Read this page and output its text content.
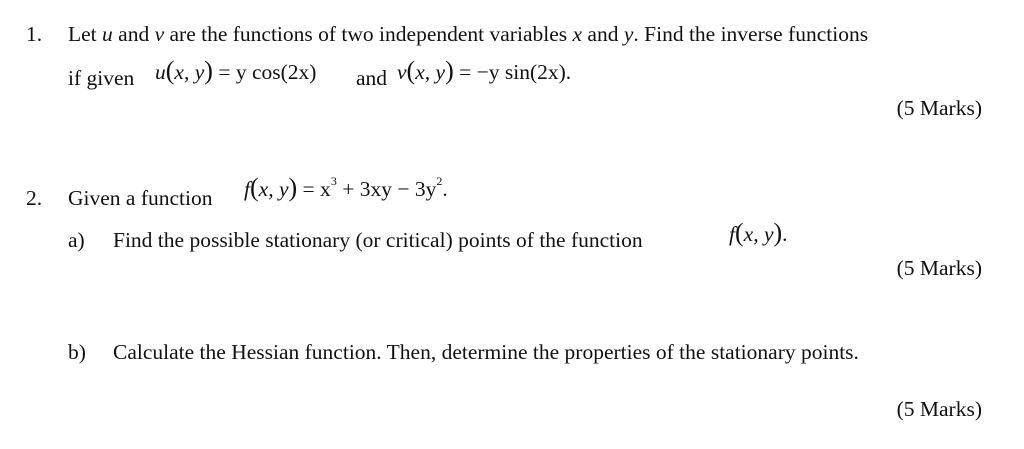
1. Let u and v are the functions of two independent variables x and y. Find the inverse functions
if given u(x, y) = y cos(2x) and v(x, y) = −y sin(2x).
(5 Marks)
2. Given a function f(x, $y) = x^3 + 3xy - 3y^2$.
a) Find the possible stationary (or critical) points of the function	f(x, y).
(5 Marks)
b) Calculate the Hessian function. Then, determine the properties of the stationary points.
(5 Marks)
